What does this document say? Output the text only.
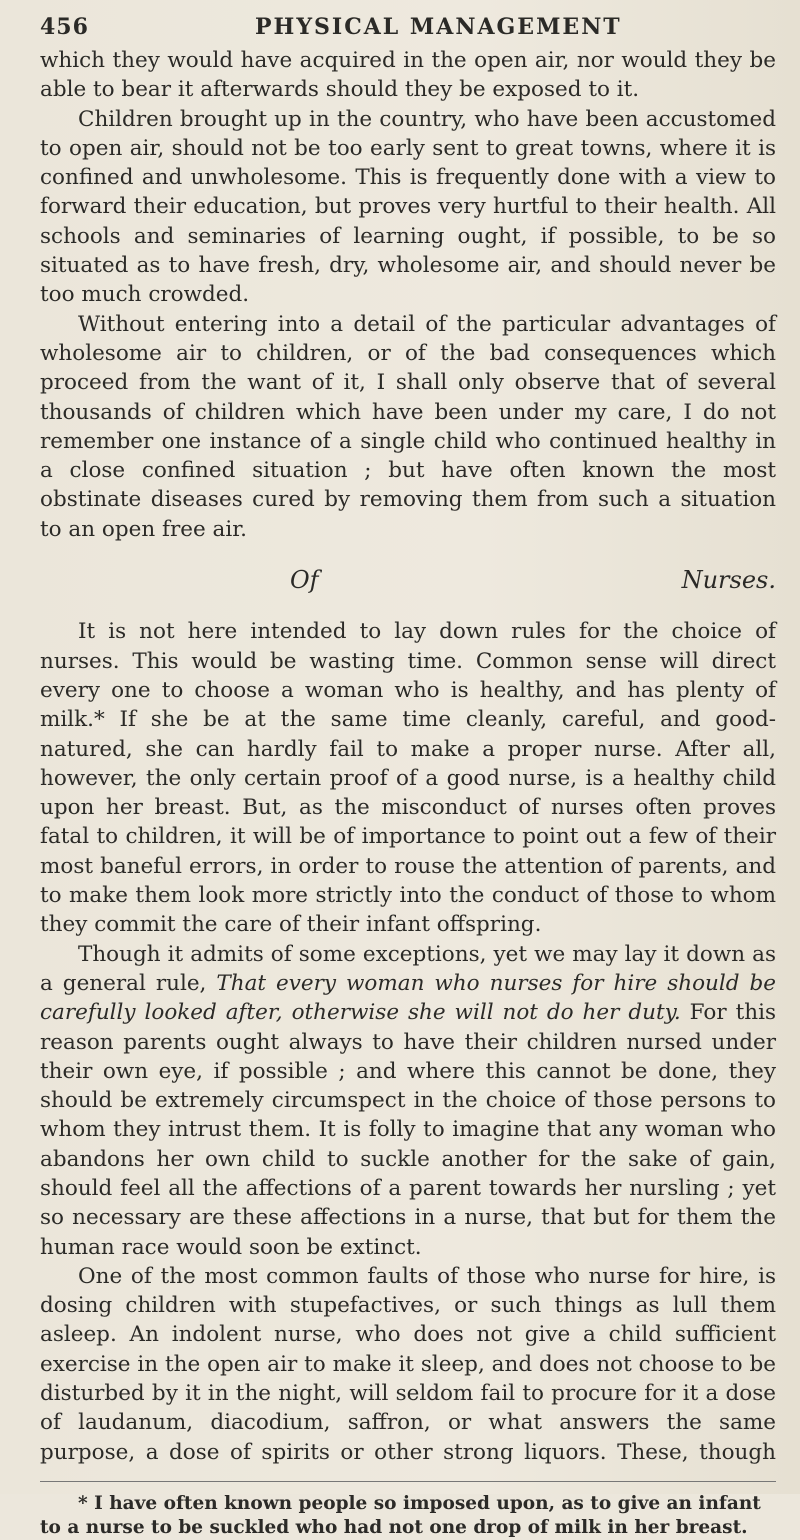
456	PHYSICAL MANAGEMENT

which they would have acquired in the open air, nor would they be able to bear it afterwards should they be exposed to it.

Children brought up in the country, who have been accustomed to open air, should not be too early sent to great towns, where it is confined and unwholesome. This is frequently done with a view to forward their education, but proves very hurtful to their health. All schools and seminaries of learning ought, if possible, to be so situated as to have fresh, dry, wholesome air, and should never be too much crowded.

Without entering into a detail of the particular advantages of wholesome air to children, or of the bad consequences which proceed from the want of it, I shall only observe that of several thousands of children which have been under my care, I do not remember one instance of a single child who continued healthy in a close confined situation ; but have often known the most obstinate diseases cured by removing them from such a situation to an open free air.

Of Nurses.

It is not here intended to lay down rules for the choice of nurses. This would be wasting time. Common sense will direct every one to choose a woman who is healthy, and has plenty of milk.* If she be at the same time cleanly, careful, and good-natured, she can hardly fail to make a proper nurse. After all, however, the only certain proof of a good nurse, is a healthy child upon her breast. But, as the misconduct of nurses often proves fatal to children, it will be of importance to point out a few of their most baneful errors, in order to rouse the attention of parents, and to make them look more strictly into the conduct of those to whom they commit the care of their infant offspring.

Though it admits of some exceptions, yet we may lay it down as a general rule, That every woman who nurses for hire should be carefully looked after, otherwise she will not do her duty. For this reason parents ought always to have their children nursed under their own eye, if possible ; and where this cannot be done, they should be extremely circumspect in the choice of those persons to whom they intrust them. It is folly to imagine that any woman who abandons her own child to suckle another for the sake of gain, should feel all the affections of a parent towards her nursling ; yet so necessary are these affections in a nurse, that but for them the human race would soon be extinct.

One of the most common faults of those who nurse for hire, is dosing children with stupefactives, or such things as lull them asleep. An indolent nurse, who does not give a child sufficient exercise in the open air to make it sleep, and does not choose to be disturbed by it in the night, will seldom fail to procure for it a dose of laudanum, diacodium, saffron, or what answers the same purpose, a dose of spirits or other strong liquors. These, though

* I have often known people so imposed upon, as to give an infant to a nurse to be suckled who had not one drop of milk in her breast.
